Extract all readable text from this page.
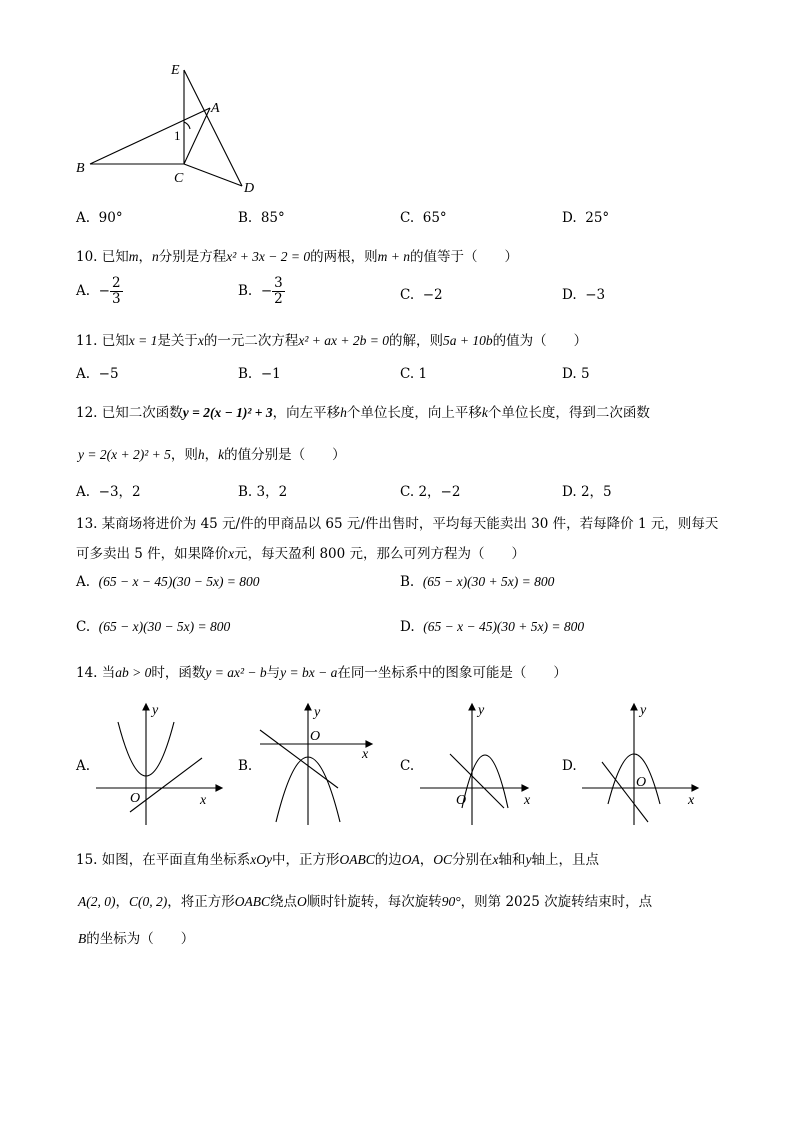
E
A
B
C
D
1
A. 90°	B. 85°	C. 65°	D. 25°
10. 已知m，n分别是方程x² + 3x − 2 = 0的两根，则m + n的值等于（　　）
A. − $\frac{2}{3}$	B. − $\frac{3}{2}$	C. −2	D. −3
11. 已知x = 1是关于x的一元二次方程x² + ax + 2b = 0的解，则5a + 10b的值为（　　）
A. −5	B. −1	C. 1	D. 5
12. 已知二次函数y = 2(x − 1)² + 3，向左平移h个单位长度，向上平移k个单位长度，得到二次函数
y = 2(x + 2)² + 5，则h，k的值分别是（　　）
A. −3，2	B. 3，2	C. 2，−2	D. 2，5
13. 某商场将进价为 45 元/件的甲商品以 65 元/件出售时，平均每天能卖出 30 件，若每降价 1 元，则每天
可多卖出 5 件，如果降价x元，每天盈利 800 元，那么可列方程为（　　）
A. (65 − x − 45)(30 − 5x) = 800	B. (65 − x)(30 + 5x) = 800
C. (65 − x)(30 − 5x) = 800	D. (65 − x − 45)(30 + 5x) = 800
14. 当ab > 0时，函数y = ax² − b与y = bx − a在同一坐标系中的图象可能是（　　）
A.
y
O	x
B.
y
O
x
C.
y
O	x
D.
y
O
x
15. 如图，在平面直角坐标系xOy中，正方形OABC的边OA，OC分别在x轴和y轴上，且点
A(2, 0)，C(0, 2)，将正方形OABC绕点O顺时针旋转，每次旋转90°，则第 2025 次旋转结束时，点
B的坐标为（　　）
